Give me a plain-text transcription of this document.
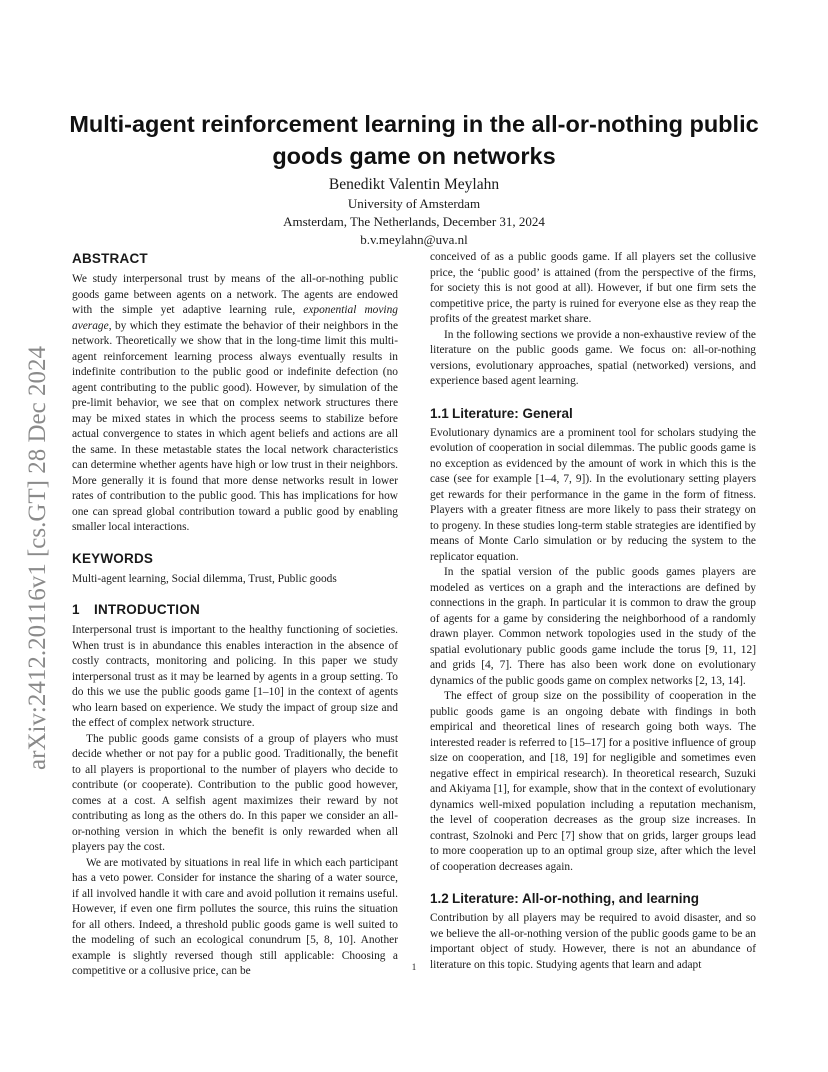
arXiv:2412.20116v1 [cs.GT] 28 Dec 2024
Multi-agent reinforcement learning in the all-or-nothing public goods game on networks
Benedikt Valentin Meylahn
University of Amsterdam
Amsterdam, The Netherlands, December 31, 2024
b.v.meylahn@uva.nl
ABSTRACT

We study interpersonal trust by means of the all-or-nothing public goods game between agents on a network. The agents are endowed with the simple yet adaptive learning rule, exponential moving average, by which they estimate the behavior of their neighbors in the network. Theoretically we show that in the long-time limit this multi-agent reinforcement learning process always eventually results in indefinite contribution to the public good or indefinite defection (no agent contributing to the public good). However, by simulation of the pre-limit behavior, we see that on complex network structures there may be mixed states in which the process seems to stabilize before actual convergence to states in which agent beliefs and actions are all the same. In these metastable states the local network characteristics can determine whether agents have high or low trust in their neighbors. More generally it is found that more dense networks result in lower rates of contribution to the public good. This has implications for how one can spread global contribution toward a public good by enabling smaller local interactions.

KEYWORDS

Multi-agent learning, Social dilemma, Trust, Public goods

1 INTRODUCTION

Interpersonal trust is important to the healthy functioning of societies. When trust is in abundance this enables interaction in the absence of costly contracts, monitoring and policing. In this paper we study interpersonal trust as it may be learned by agents in a group setting. To do this we use the public goods game [1–10] in the context of agents who learn based on experience. We study the impact of group size and the effect of complex network structure.

The public goods game consists of a group of players who must decide whether or not pay for a public good. Traditionally, the benefit to all players is proportional to the number of players who decide to contribute (or cooperate). Contribution to the public good however, comes at a cost. A selfish agent maximizes their reward by not contributing as long as the others do. In this paper we consider an all-or-nothing version in which the benefit is only rewarded when all players pay the cost.

We are motivated by situations in real life in which each participant has a veto power. Consider for instance the sharing of a water source, if all involved handle it with care and avoid pollution it remains useful. However, if even one firm pollutes the source, this ruins the situation for all others. Indeed, a threshold public goods game is well suited to the modeling of such an ecological conundrum [5, 8, 10]. Another example is slightly reversed though still applicable: Choosing a competitive or a collusive price, can be

conceived of as a public goods game. If all players set the collusive price, the ‘public good’ is attained (from the perspective of the firms, for society this is not good at all). However, if but one firm sets the competitive price, the party is ruined for everyone else as they reap the profits of the greatest market share.

In the following sections we provide a non-exhaustive review of the literature on the public goods game. We focus on: all-or-nothing versions, evolutionary approaches, spatial (networked) versions, and experience based agent learning.

1.1 Literature: General

Evolutionary dynamics are a prominent tool for scholars studying the evolution of cooperation in social dilemmas. The public goods game is no exception as evidenced by the amount of work in which this is the case (see for example [1–4, 7, 9]). In the evolutionary setting players get rewards for their performance in the game in the form of fitness. Players with a greater fitness are more likely to pass their strategy on to progeny. In these studies long-term stable strategies are identified by means of Monte Carlo simulation or by reducing the system to the replicator equation.

In the spatial version of the public goods games players are modeled as vertices on a graph and the interactions are defined by connections in the graph. In particular it is common to draw the group of agents for a game by considering the neighborhood of a randomly drawn player. Common network topologies used in the study of the spatial evolutionary public goods game include the torus [9, 11, 12] and grids [4, 7]. There has also been work done on evolutionary dynamics of the public goods game on complex networks [2, 13, 14].

The effect of group size on the possibility of cooperation in the public goods game is an ongoing debate with findings in both empirical and theoretical lines of research going both ways. The interested reader is referred to [15–17] for a positive influence of group size on cooperation, and [18, 19] for negligible and sometimes even negative effect in empirical research). In theoretical research, Suzuki and Akiyama [1], for example, show that in the context of evolutionary dynamics well-mixed population including a reputation mechanism, the level of cooperation decreases as the group size increases. In contrast, Szolnoki and Perc [7] show that on grids, larger groups lead to more cooperation up to an optimal group size, after which the level of cooperation decreases again.

1.2 Literature: All-or-nothing, and learning

Contribution by all players may be required to avoid disaster, and so we believe the all-or-nothing version of the public goods game to be an important object of study. However, there is not an abundance of literature on this topic. Studying agents that learn and adapt

1
